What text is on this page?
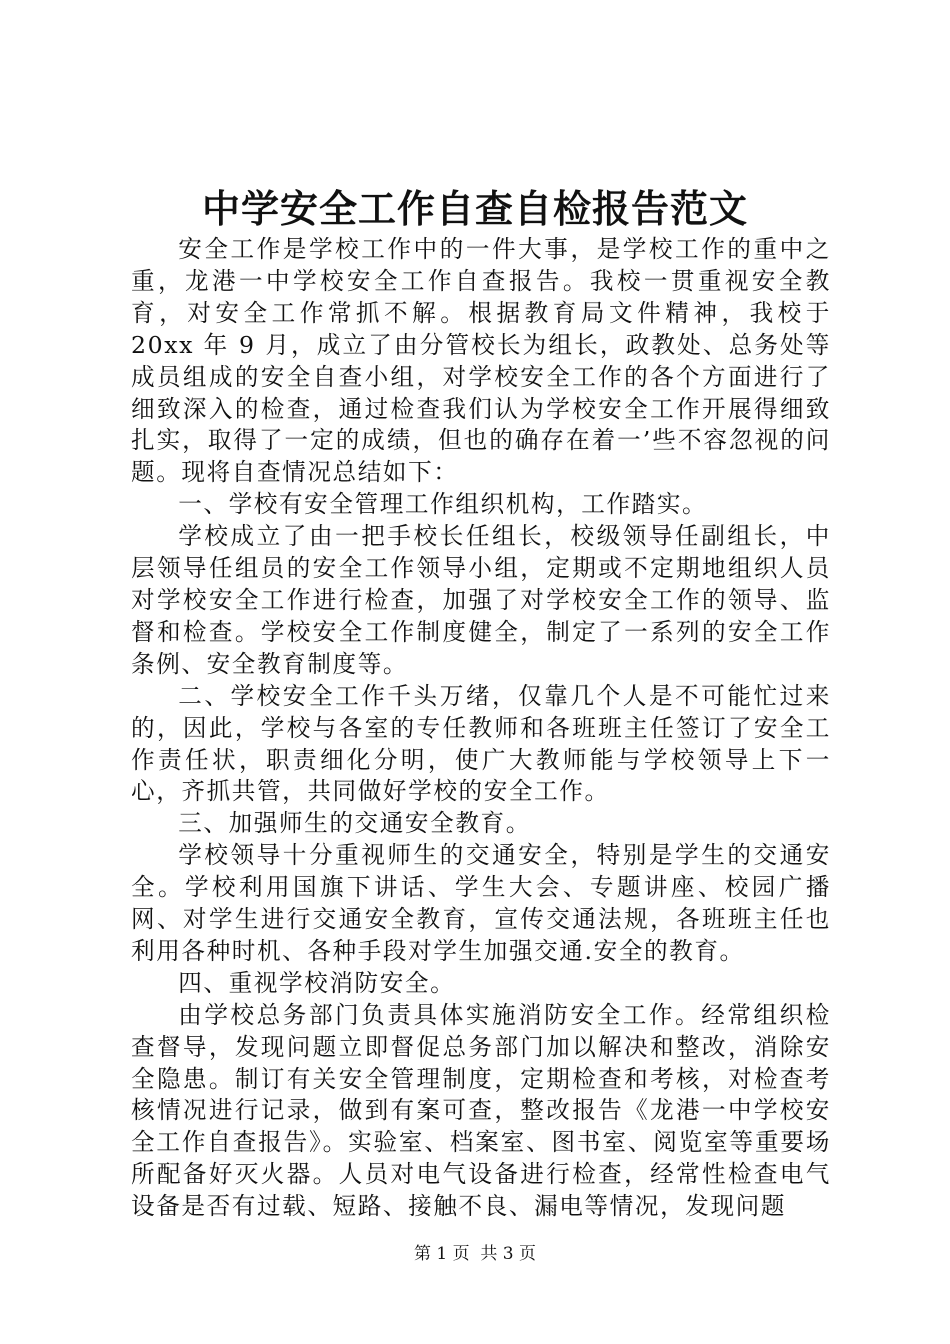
中学安全工作自查自检报告范文

安全工作是学校工作中的一件大事，是学校工作的重中之重，龙港一中学校安全工作自查报告。我校一贯重视安全教育，对安全工作常抓不解。根据教育局文件精神，我校于 20xx 年 9 月，成立了由分管校长为组长，政教处、总务处等成员组成的安全自查小组，对学校安全工作的各个方面进行了细致深入的检查，通过检查我们认为学校安全工作开展得细致扎实，取得了一定的成绩，但也的确存在着一’些不容忽视的问题。现将自查情况总结如下：

一、学校有安全管理工作组织机构，工作踏实。

学校成立了由一把手校长任组长，校级领导任副组长，中层领导任组员的安全工作领导小组，定期或不定期地组织人员对学校安全工作进行检查，加强了对学校安全工作的领导、监督和检查。学校安全工作制度健全，制定了一系列的安全工作条例、安全教育制度等。

二、学校安全工作千头万绪，仅靠几个人是不可能忙过来的，因此，学校与各室的专任教师和各班班主任签订了安全工作责任状，职责细化分明，使广大教师能与学校领导上下一心，齐抓共管，共同做好学校的安全工作。

三、加强师生的交通安全教育。

学校领导十分重视师生的交通安全，特别是学生的交通安全。学校利用国旗下讲话、学生大会、专题讲座、校园广播网、对学生进行交通安全教育，宣传交通法规，各班班主任也利用各种时机、各种手段对学生加强交通.安全的教育。

四、重视学校消防安全。

由学校总务部门负责具体实施消防安全工作。经常组织检查督导，发现问题立即督促总务部门加以解决和整改，消除安全隐患。制订有关安全管理制度，定期检查和考核，对检查考核情况进行记录，做到有案可查，整改报告《龙港一中学校安全工作自查报告》。实验室、档案室、图书室、阅览室等重要场所配备好灭火器。人员对电气设备进行检查，经常性检查电气设备是否有过载、短路、接触不良、漏电等情况，发现问题

第 1 页 共 3 页
